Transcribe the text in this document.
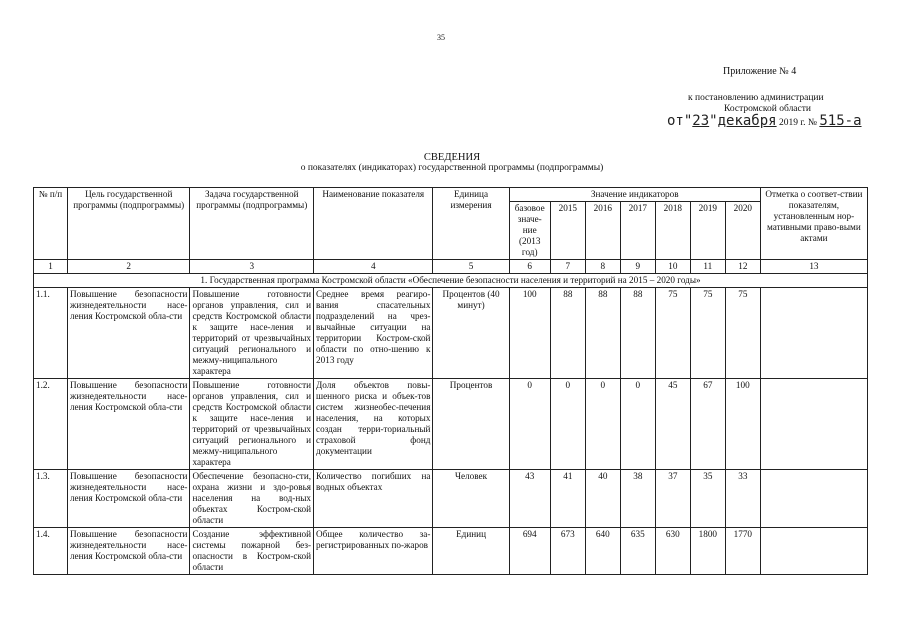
35
Приложение № 4
к постановлению администрации
Костромской области
от"23"декабря 2019 г. № 515-а
СВЕДЕНИЯ
о показателях (индикаторах) государственной программы (подпрограммы)
№ п/п	Цель государственной программы (подпрограммы)	Задача государственной программы (подпрограммы)	Наименование показателя	Единица измерения	Значение индикаторов							Отметка о соответ-ствии показателям, установленным нор-мативными право-выми актами
					базовое значе-ние (2013 год)	2015	2016	2017	2018	2019	2020	
1	2	3	4	5	6	7	8	9	10	11	12	13
1. Государственная программа Костромской области «Обеспечение безопасности населения и территорий на 2015 – 2020 годы»												
1.1.	Повышение безопасности жизнедеятельности насе-ления Костромской обла-сти	Повышение готовности органов управления, сил и средств Костромской области к защите насе-ления и территорий от чрезвычайных ситуаций регионального и межму-ниципального характера	Среднее время реагиро-вания спасательных подразделений на чрез-вычайные ситуации на территории Костром-ской области по отно-шению к 2013 году	Процентов (40 минут)	100	88	88	88	75	75	75	
1.2.	Повышение безопасности жизнедеятельности насе-ления Костромской обла-сти	Повышение готовности органов управления, сил и средств Костромской области к защите насе-ления и территорий от чрезвычайных ситуаций регионального и межму-ниципального характера	Доля объектов повы-шенного риска и объек-тов систем жизнеобес-печения населения, на которых создан терри-ториальный страховой фонд документации	Процентов	0	0	0	0	45	67	100	
1.3.	Повышение безопасности жизнедеятельности насе-ления Костромской обла-сти	Обеспечение безопасно-сти, охрана жизни и здо-ровья населения на вод-ных объектах Костром-ской области	Количество погибших на водных объектах	Человек	43	41	40	38	37	35	33	
1.4.	Повышение безопасности жизнедеятельности насе-ления Костромской обла-сти	Создание эффективной системы пожарной без-опасности в Костром-ской области	Общее количество за-регистрированных по-жаров	Единиц	694	673	640	635	630	1800	1770	
